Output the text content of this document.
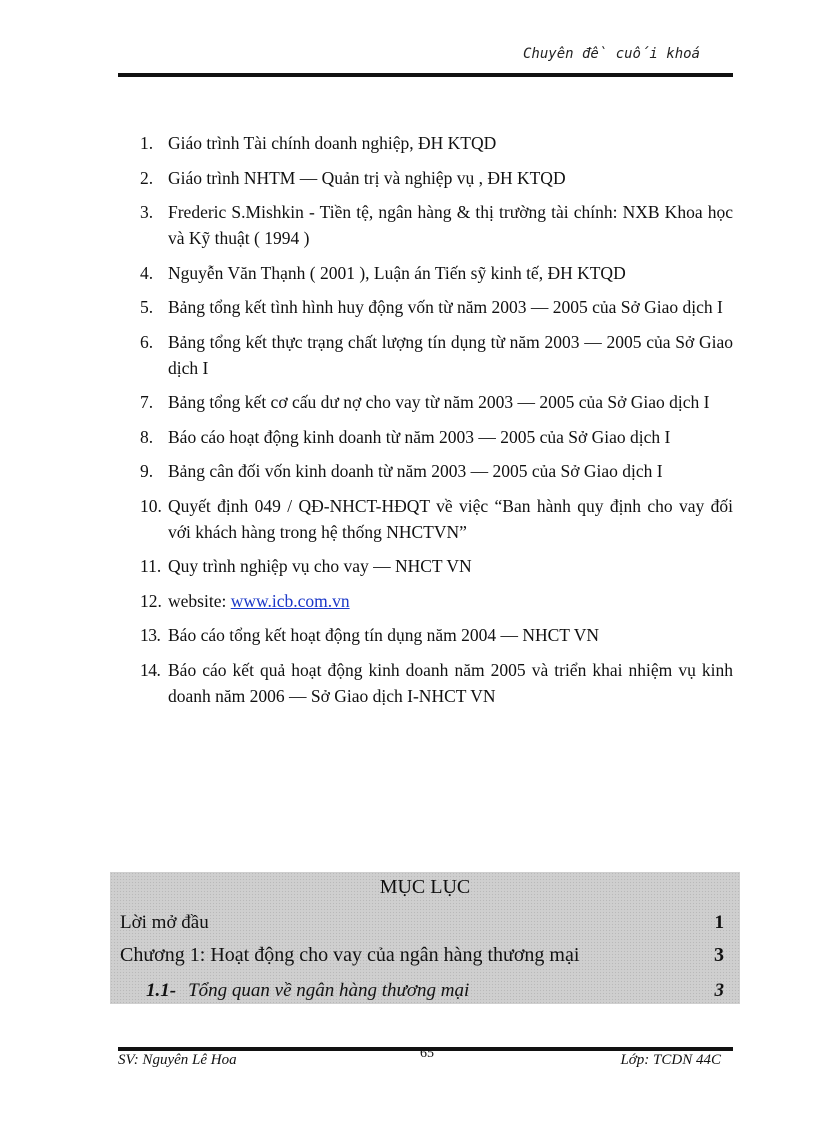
Chuyên đề cuối khoá
1. Giáo trình Tài chính doanh nghiệp, ĐH KTQD
2. Giáo trình NHTM — Quản trị và nghiệp vụ , ĐH KTQD
3. Frederic S.Mishkin - Tiền tệ, ngân hàng & thị trường tài chính: NXB Khoa học và Kỹ thuật ( 1994 )
4. Nguyễn Văn Thạnh ( 2001 ), Luận án Tiến sỹ kinh tế, ĐH KTQD
5. Bảng tổng kết tình hình huy động vốn từ năm 2003 — 2005 của Sở Giao dịch I
6. Bảng tổng kết thực trạng chất lượng tín dụng từ năm 2003 — 2005 của Sở Giao dịch I
7. Bảng tổng kết cơ cấu dư nợ cho vay từ năm 2003 — 2005 của Sở Giao dịch I
8. Báo cáo hoạt động kinh doanh từ năm 2003 — 2005 của Sở Giao dịch I
9. Bảng cân đối vốn kinh doanh từ năm 2003 — 2005 của Sở Giao dịch I
10. Quyết định 049 / QĐ-NHCT-HĐQT về việc “Ban hành quy định cho vay đối với khách hàng trong hệ thống NHCTVN”
11. Quy trình nghiệp vụ cho vay — NHCT VN
12. website: www.icb.com.vn
13. Báo cáo tổng kết hoạt động tín dụng năm 2004 — NHCT VN
14. Báo cáo kết quả hoạt động kinh doanh năm 2005 và triển khai nhiệm vụ kinh doanh năm 2006 — Sở Giao dịch I-NHCT VN
MỤC LỤC
Lời mở đầu	1
Chương 1: Hoạt động cho vay của ngân hàng thương mại	3
1.1- Tổng quan về ngân hàng thương mại	3
SV: Nguyên Lê Hoa	65	Lớp: TCDN 44C
